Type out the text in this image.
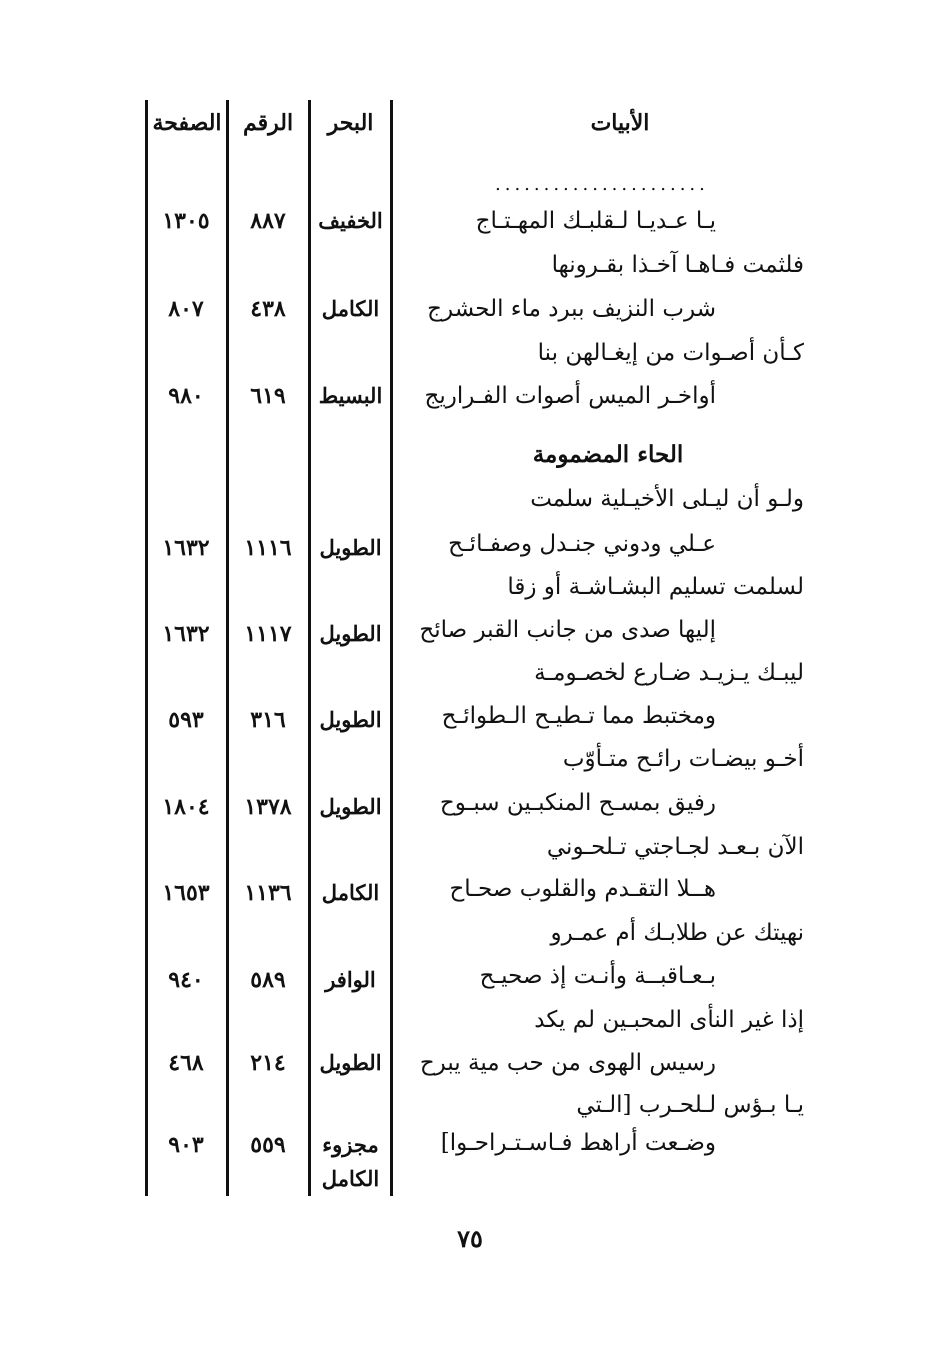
الصفحة الرقم	البحر	الأبيات
......................
يـا عـديـا لـقلبـك المهـتـاج
الخفيف
٨٨٧
١٣٠٥
فلثمت فـاهـا آخـذا بقـرونها
شرب النزيف ببرد ماء الحشرج
الكامل
٤٣٨
٨٠٧
كـأن أصـوات من إيغـالهن بنا
أواخـر الميس أصوات الفـراريج
البسيط
٦١٩
٩٨٠
الحاء المضمومة
ولـو أن ليـلى الأخيـلية سلمت
عـلي ودوني جنـدل وصفـائـح
الطويل
١١١٦
١٦٣٢
لسلمت تسليم البشـاشـة أو زقا
إليها صدى من جانب القبر صائح
الطويل
١١١٧
١٦٣٢
ليبـك يـزيـد ضـارع لخصـومـة
ومختبط مما تـطيـح الـطوائـح
الطويل
٣١٦
٥٩٣
أخـو بيضـات رائـح متـأوّب
رفيق بمسـح المنكبـين سبـوح
الطويل
١٣٧٨
١٨٠٤
الآن بـعـد لجـاجتي تـلحـوني
هــلا التقـدم والقلوب صحـاح
الكامل
١١٣٦
١٦٥٣
نهيتك عن طلابـك أم عمـرو
بـعـاقبــة وأنـت إذ صحيـح
الوافر
٥٨٩
٩٤٠
إذا غير النأى المحبـين لم يكد
رسيس الهوى من حب مية يبرح
الطويل
٢١٤
٤٦٨
يـا بـؤس لـلحـرب [الـتي
وضـعت أراهط فـاسـتـراحـوا]
مجزوء
الكامل
٥٥٩
٩٠٣
٧٥
